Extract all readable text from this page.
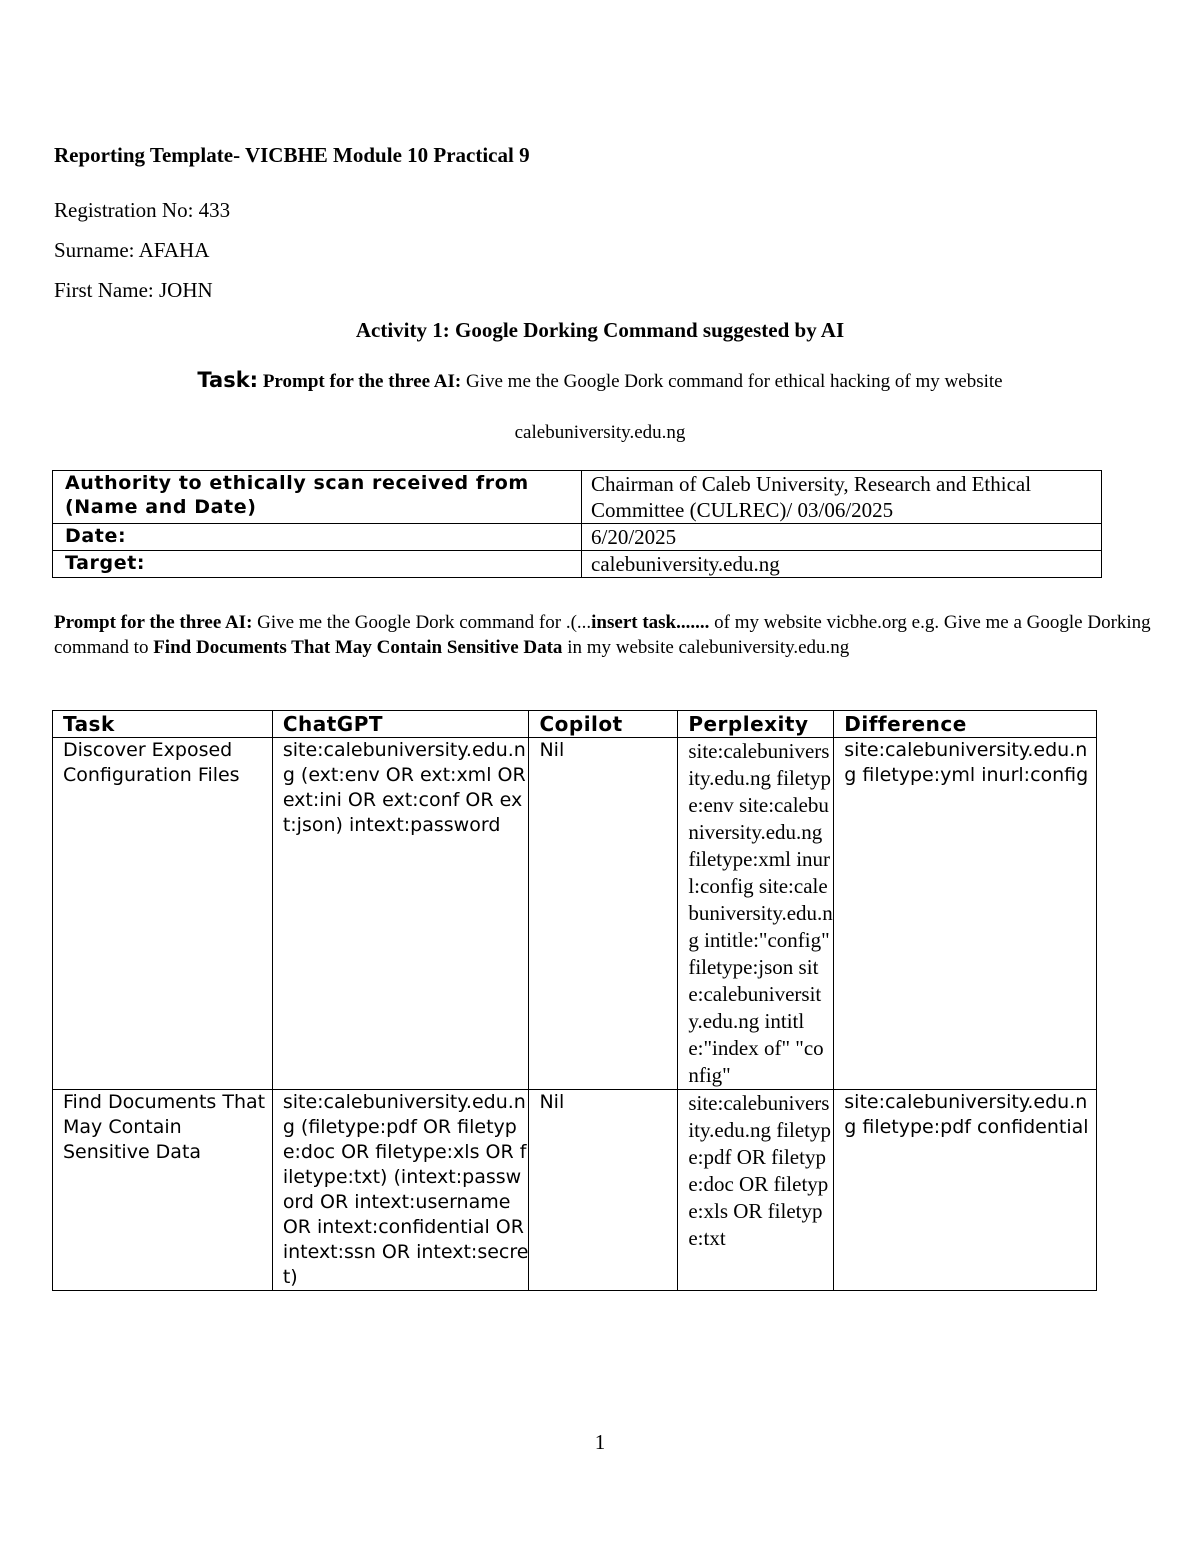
Reporting Template- VICBHE Module 10 Practical 9
Registration No: 433
Surname: AFAHA
First Name: JOHN
Activity 1: Google Dorking Command suggested by AI
Task: Prompt for the three AI: Give me the Google Dork command for ethical hacking of my website
calebuniversity.edu.ng
Authority to ethically scan received from (Name and Date)	Chairman of Caleb University, Research and Ethical Committee (CULREC)/ 03/06/2025
Date:	6/20/2025
Target:	calebuniversity.edu.ng
Prompt for the three AI: Give me the Google Dork command for .(...insert task....... of my website vicbhe.org e.g. Give me a Google Dorking command to Find Documents That May Contain Sensitive Data in my website calebuniversity.edu.ng
Task	ChatGPT	Copilot	Perplexity	Difference
Discover Exposed Configuration Files	site:calebuniversity.edu.ng (ext:env OR ext:xml OR ext:ini OR ext:conf OR ext:json) intext:password	Nil	site:calebuniversity.edu.ng filetype:env site:calebuniversity.edu.ng filetype:xml inurl:config site:calebuniversity.edu.ng intitle:"config" filetype:json site:calebuniversity.edu.ng intitle:"index of" "config"	site:calebuniversity.edu.ng filetype:yml inurl:config
Find Documents That May Contain Sensitive Data	site:calebuniversity.edu.ng (filetype:pdf OR filetype:doc OR filetype:xls OR filetype:txt) (intext:password OR intext:username OR intext:confidential OR intext:ssn OR intext:secret)	Nil	site:calebuniversity.edu.ng filetype:pdf OR filetype:doc OR filetype:xls OR filetype:txt	site:calebuniversity.edu.ng filetype:pdf confidential
1
